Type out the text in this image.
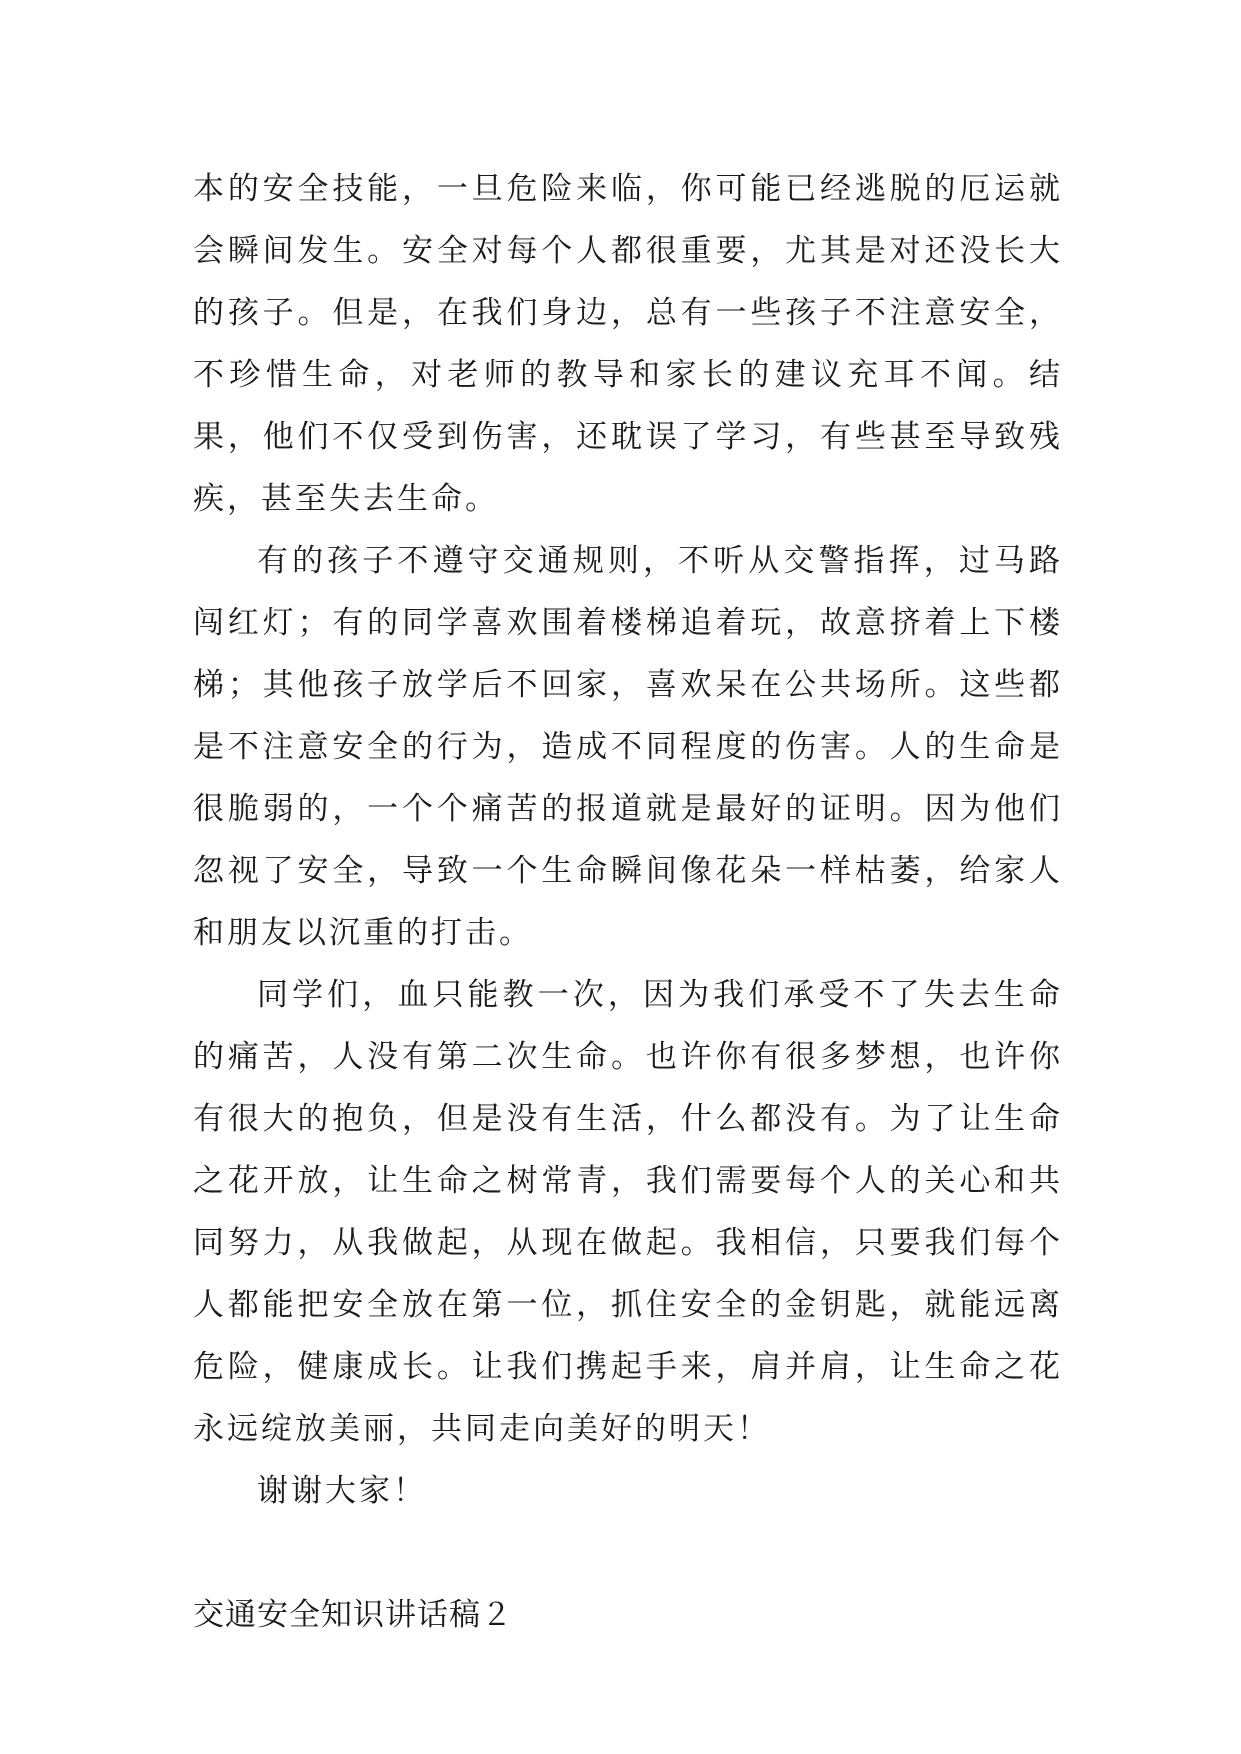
本的安全技能，一旦危险来临，你可能已经逃脱的厄运就会瞬间发生。安全对每个人都很重要，尤其是对还没长大的孩子。但是，在我们身边，总有一些孩子不注意安全，不珍惜生命，对老师的教导和家长的建议充耳不闻。结果，他们不仅受到伤害，还耽误了学习，有些甚至导致残疾，甚至失去生命。

有的孩子不遵守交通规则，不听从交警指挥，过马路闯红灯；有的同学喜欢围着楼梯追着玩，故意挤着上下楼梯；其他孩子放学后不回家，喜欢呆在公共场所。这些都是不注意安全的行为，造成不同程度的伤害。人的生命是很脆弱的，一个个痛苦的报道就是最好的证明。因为他们忽视了安全，导致一个生命瞬间像花朵一样枯萎，给家人和朋友以沉重的打击。

同学们，血只能教一次，因为我们承受不了失去生命的痛苦，人没有第二次生命。也许你有很多梦想，也许你有很大的抱负，但是没有生活，什么都没有。为了让生命之花开放，让生命之树常青，我们需要每个人的关心和共同努力，从我做起，从现在做起。我相信，只要我们每个人都能把安全放在第一位，抓住安全的金钥匙，就能远离危险，健康成长。让我们携起手来，肩并肩，让生命之花永远绽放美丽，共同走向美好的明天！

谢谢大家！

交通安全知识讲话稿２
